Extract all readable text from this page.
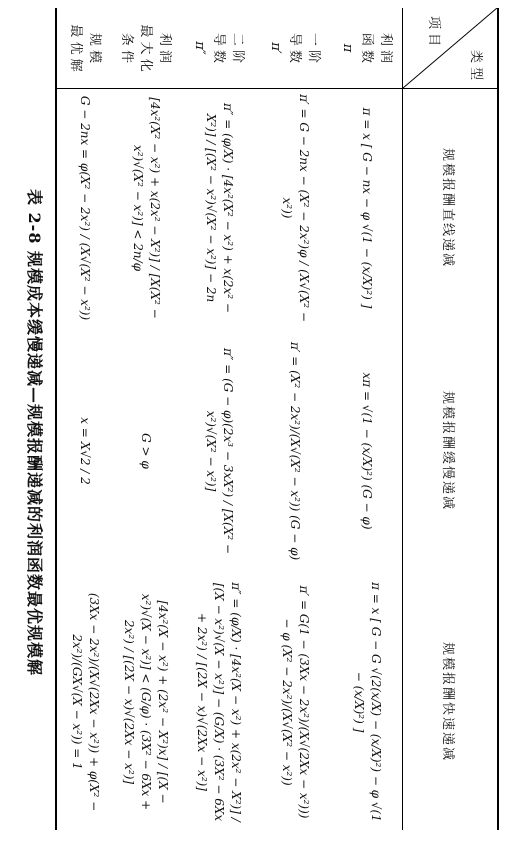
表 2-8 规模成本缓慢递减—规模报酬递减的利润函数最优规模解
类 型
项 目
规模报酬直线递减
规模报酬缓慢递减
规模报酬快速递减
利 润
函 数
π
π = x [ G − nx − φ √(1 − (x/X)²) ]
xπ = √(1 − (x/X)²) (G − φ)
π = x [ G − G √(2(x/X) − (x/X)²) − φ √(1 − (x/X)²) ]
一 阶
导 数
π′
π′ = G − 2nx − (X² − 2x²)φ / (X√(X² − x²))
π′ = (X² − 2x²)/(X√(X² − x²)) (G − φ)
π′ = G(1 − (3Xx − 2x²)/(X√(2Xx − x²))) − φ (X² − 2x²)/(X√(X² − x²))
二 阶
导 数
π″
π″ = (φ/X) · [4x²(X² − x²) + x(2x² − X²)] / [(X² − x²)√(X² − x²)] − 2n
π″ = (G − φ)(2x³ − 3xX²) / [X(X² − x²)√(X² − x²)]
π″ = (φ/X) · [4x²(X − x²) + x(2x² − X²)] / [(X − x²)√(X − x²)] − (G/X) · (3X² − 6Xx + 2x²) / [(2X − x)√(2Xx − x²)]
利 润
最 大 化
条 件
[4x²(X² − x²) + x(2x² − X²)] / [X(X² − x²)√(X² − x²)] < 2n/φ
G > φ
[4x²(X − x²) + (2x² − X²)x] / [(X − x²)√(X − x²)] < (G/φ) · (3X² − 6Xx + 2x²) / [(2X − x)√(2Xx − x²)]
规 模
最 优 解
G − 2nx = φ(X² − 2x²) / (X√(X² − x²))
x = X√2 / 2
(3Xx − 2x²)/(X√(2Xx − x²)) + φ(X² − 2x²)/(GX√(X − x²)) = 1
